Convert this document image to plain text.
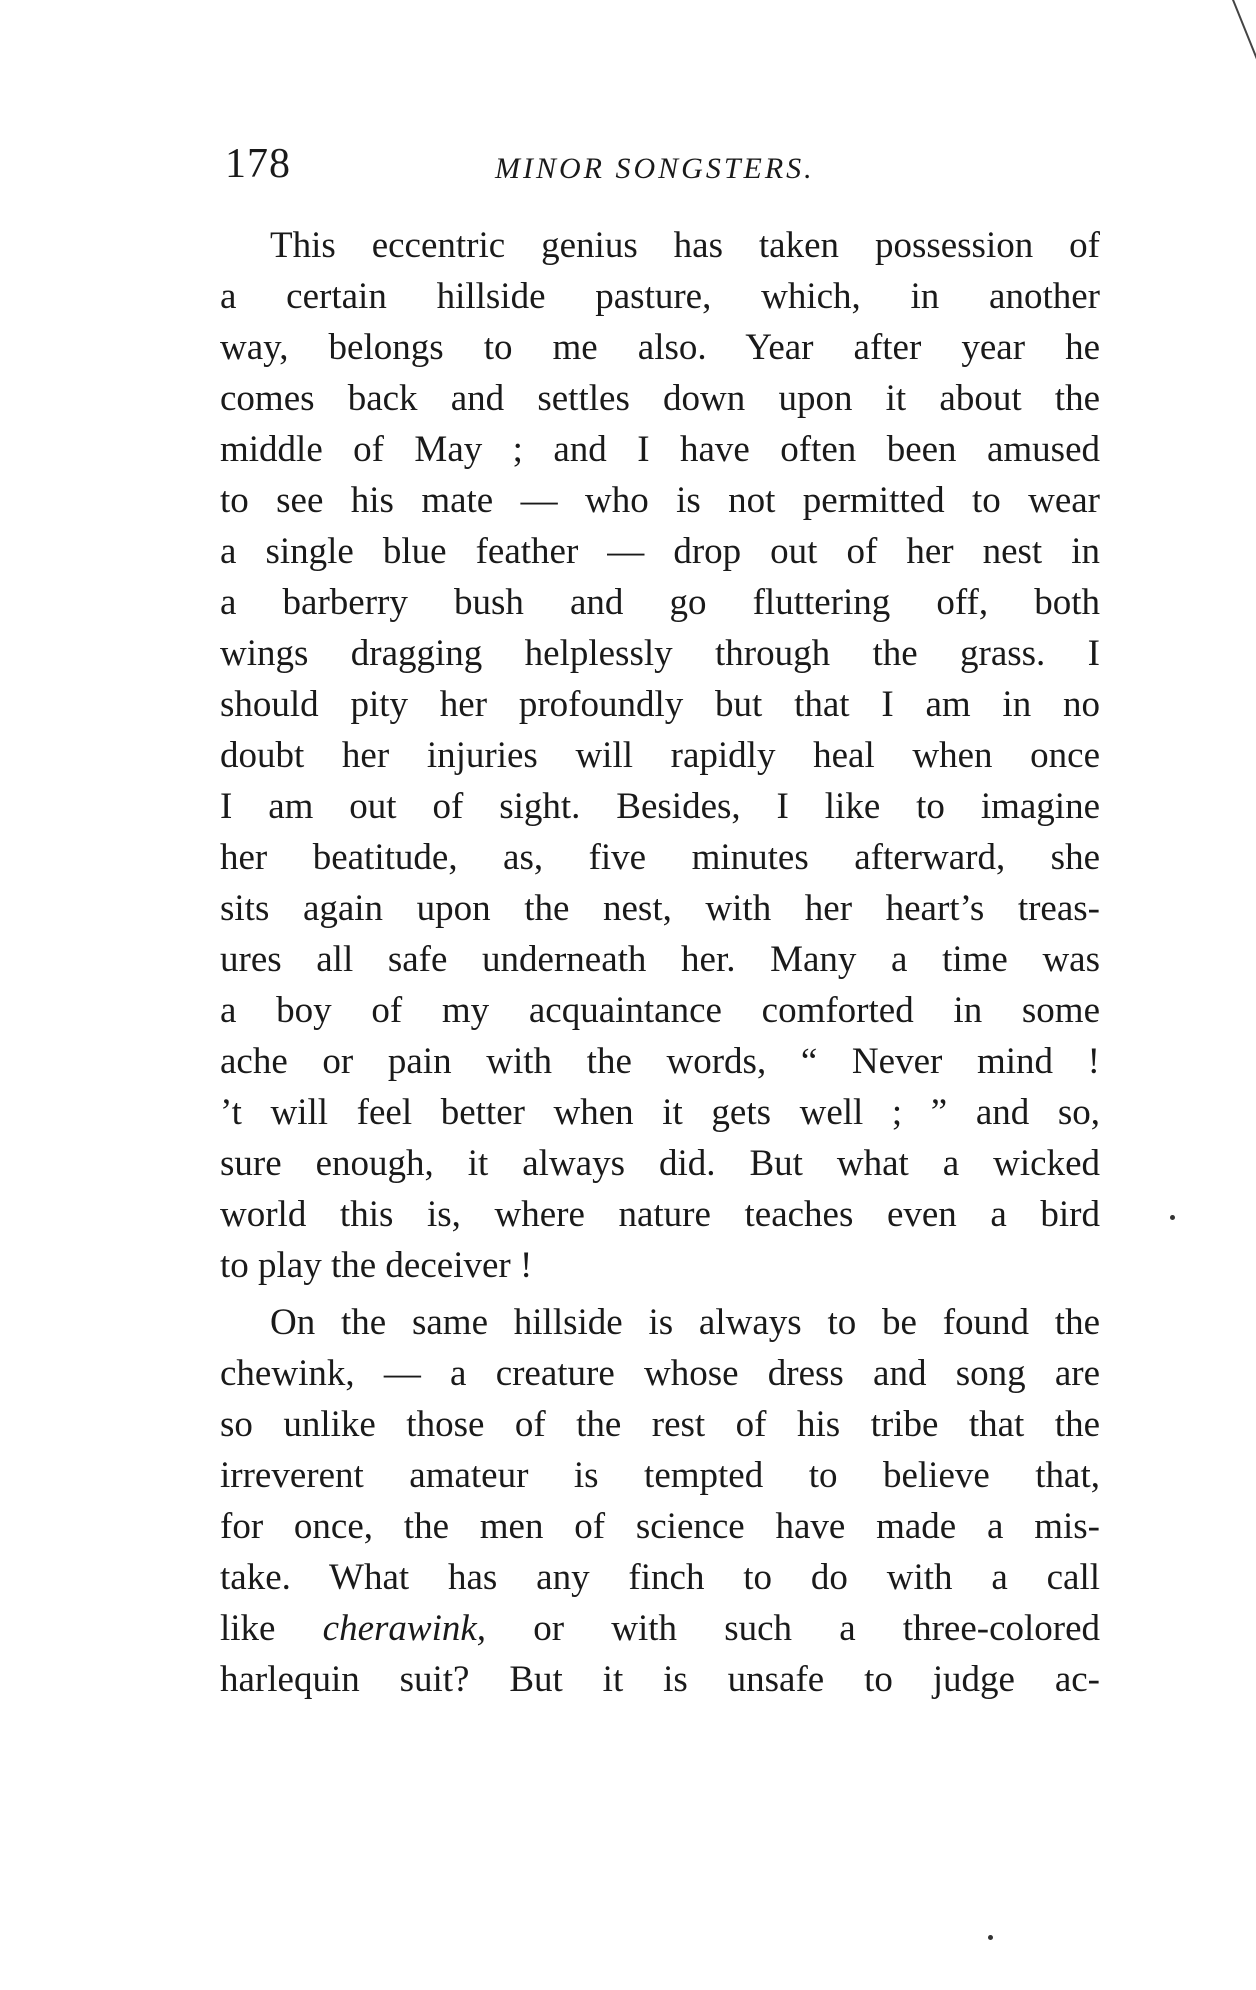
178	MINOR SONGSTERS.
This eccentric genius has taken possession of
a certain hillside pasture, which, in another
way, belongs to me also. Year after year he
comes back and settles down upon it about the
middle of May ; and I have often been amused
to see his mate — who is not permitted to wear
a single blue feather — drop out of her nest in
a barberry bush and go fluttering off, both
wings dragging helplessly through the grass. I
should pity her profoundly but that I am in no
doubt her injuries will rapidly heal when once
I am out of sight. Besides, I like to imagine
her beatitude, as, five minutes afterward, she
sits again upon the nest, with her heart’s treas-
ures all safe underneath her. Many a time was
a boy of my acquaintance comforted in some
ache or pain with the words, “ Never mind !
’t will feel better when it gets well ; ” and so,
sure enough, it always did. But what a wicked
world this is, where nature teaches even a bird
to play the deceiver !
On the same hillside is always to be found the
chewink, — a creature whose dress and song are
so unlike those of the rest of his tribe that the
irreverent amateur is tempted to believe that,
for once, the men of science have made a mis-
take. What has any finch to do with a call
like cherawink, or with such a three-colored
harlequin suit? But it is unsafe to judge ac-
